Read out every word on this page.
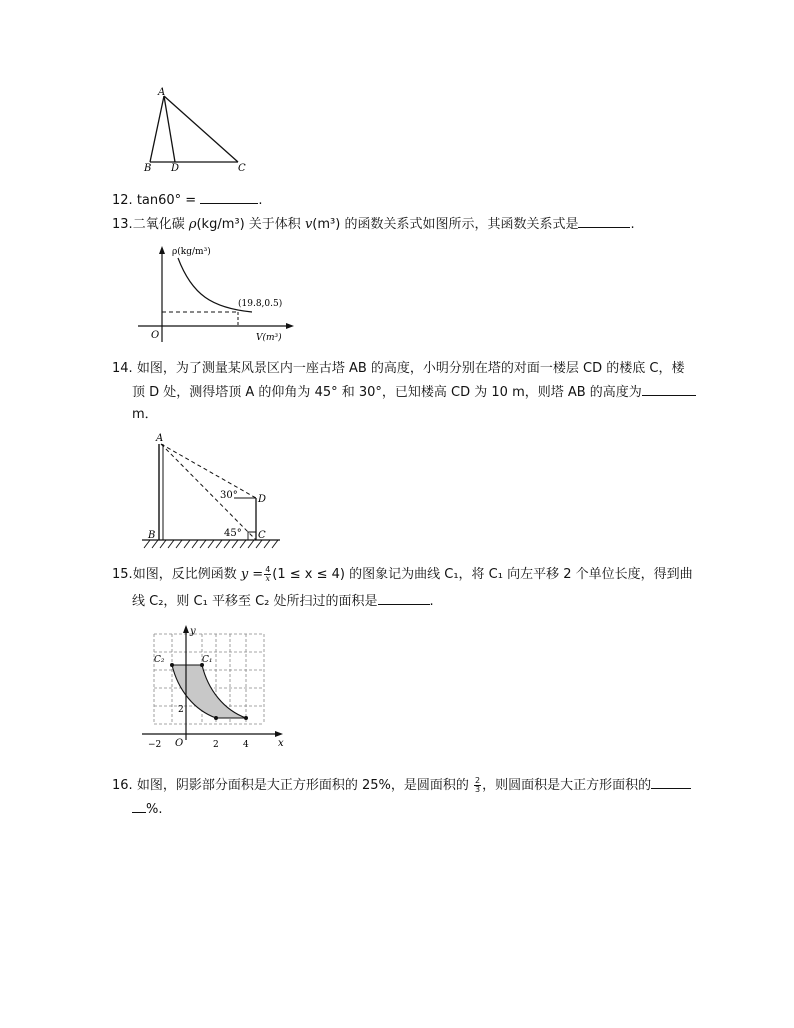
A
B D	C
12. tan60° =	.
13.二氧化碳 ρ(kg/m³) 关于体积 v(m³) 的函数关系式如图所示，其函数关系式是	.
ρ(kg/m³)
V(m³)
O
(19.8,0.5)
14. 如图，为了测量某风景区内一座古塔 AB 的高度，小明分别在塔的对面一楼层 CD 的楼底 C，楼
顶 D 处，测得塔顶 A 的仰角为 45° 和 30°，已知楼高 CD 为 10 m，则塔 AB 的高度为
m．
A
B	C
D
30°
45°
15.如图，反比例函数 $y = \frac{4}{x} (1 \le x \le 4)$ 的图象记为曲线 C₁，将 C₁ 向左平移 2 个单位长度，得到曲
线 C₂，则 C₁ 平移至 C₂ 处所扫过的面积是	.
y
x
O
C₂	C₁
−2	2	4
2
16. 如图，阴影部分面积是大正方形面积的 25%，是圆面积的 $\frac{2}{3}$ ，则圆面积是大正方形面积的
%.
